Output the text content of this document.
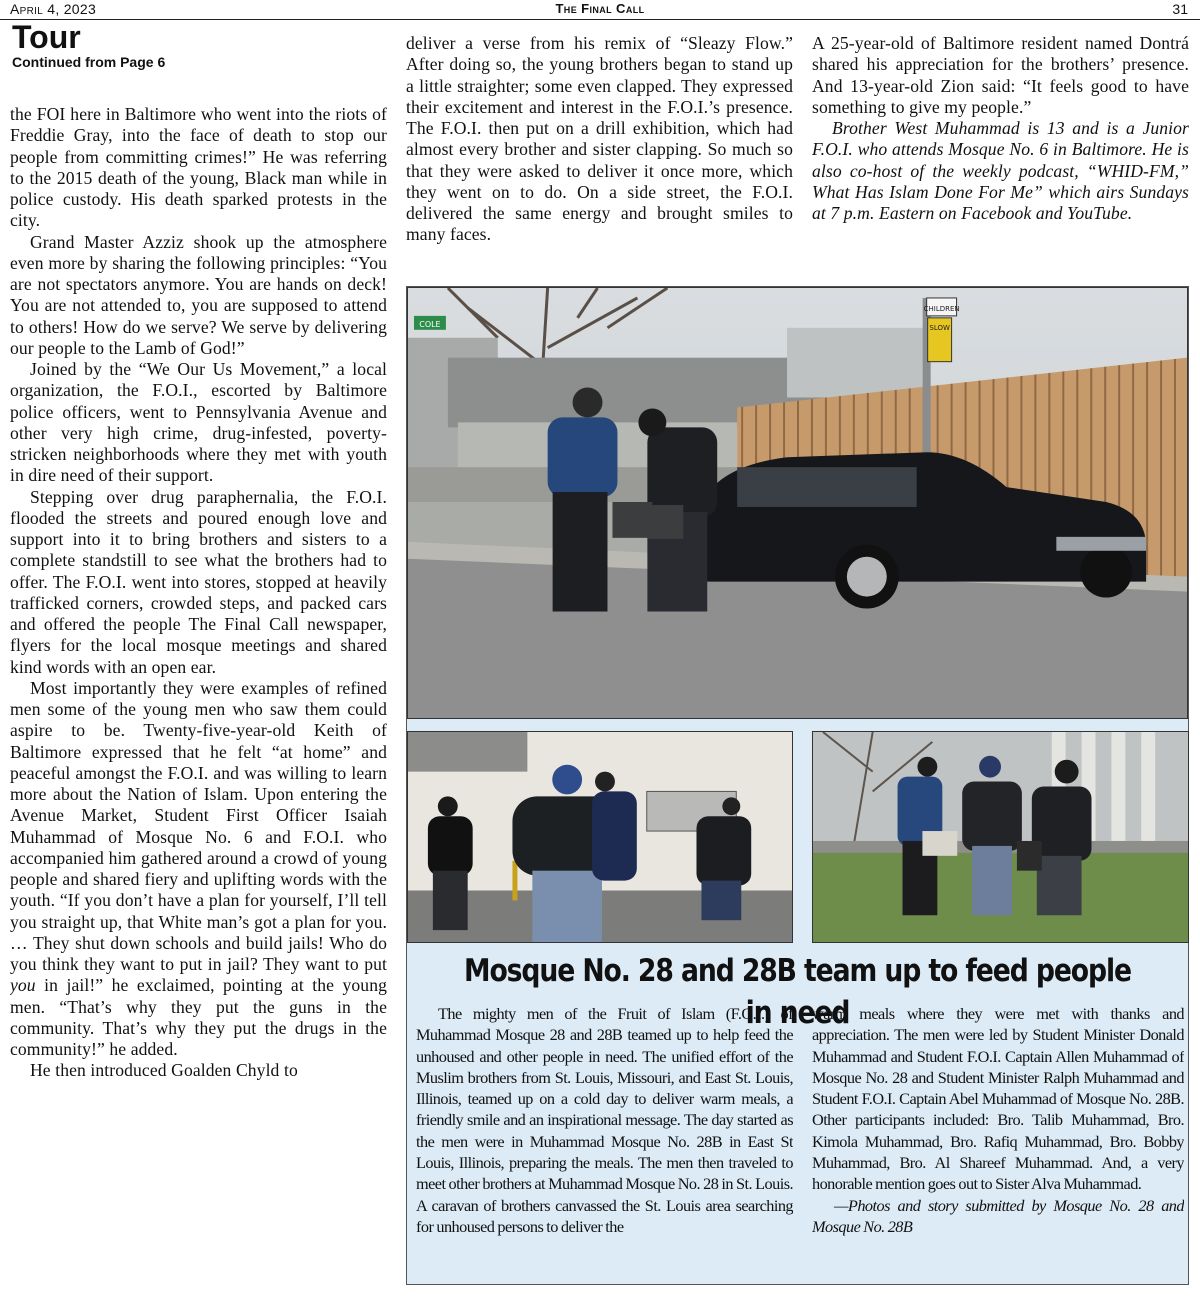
April 4, 2023	The Final Call	31
Tour
Continued from Page 6

the FOI here in Baltimore who went into the riots of Freddie Gray, into the face of death to stop our people from committing crimes!” He was referring to the 2015 death of the young, Black man while in police custody. His death sparked protests in the city.

Grand Master Azziz shook up the atmosphere even more by sharing the following principles: “You are not spectators anymore. You are hands on deck! You are not attended to, you are supposed to attend to others! How do we serve? We serve by delivering our people to the Lamb of God!”

Joined by the “We Our Us Movement,” a local organization, the F.O.I., escorted by Baltimore police officers, went to Pennsylvania Avenue and other very high crime, drug-infested, poverty-stricken neighborhoods where they met with youth in dire need of their support.

Stepping over drug paraphernalia, the F.O.I. flooded the streets and poured enough love and support into it to bring brothers and sisters to a complete standstill to see what the brothers had to offer. The F.O.I. went into stores, stopped at heavily trafficked corners, crowded steps, and packed cars and offered the people The Final Call newspaper, flyers for the local mosque meetings and shared kind words with an open ear.

Most importantly they were examples of refined men some of the young men who saw them could aspire to be. Twenty-five-year-old Keith of Baltimore expressed that he felt “at home” and peaceful amongst the F.O.I. and was willing to learn more about the Nation of Islam. Upon entering the Avenue Market, Student First Officer Isaiah Muhammad of Mosque No. 6 and F.O.I. who accompanied him gathered around a crowd of young people and shared fiery and uplifting words with the youth. “If you don’t have a plan for yourself, I’ll tell you straight up, that White man’s got a plan for you. … They shut down schools and build jails! Who do you think they want to put in jail? They want to put you in jail!” he exclaimed, pointing at the young men. “That’s why they put the guns in the community. That’s why they put the drugs in the community!” he added.

He then introduced Goalden Chyld to

deliver a verse from his remix of “Sleazy Flow.” After doing so, the young brothers began to stand up a little straighter; some even clapped. They expressed their excitement and interest in the F.O.I.’s presence. The F.O.I. then put on a drill exhibition, which had almost every brother and sister clapping. So much so that they were asked to deliver it once more, which they went on to do. On a side street, the F.O.I. delivered the same energy and brought smiles to many faces.

A 25-year-old of Baltimore resident named Dontrá shared his appreciation for the brothers’ presence. And 13-year-old Zion said: “It feels good to have something to give my people.”

Brother West Muhammad is 13 and is a Junior F.O.I. who attends Mosque No. 6 in Baltimore. He is also co-host of the weekly podcast, “WHID-FM,” What Has Islam Done For Me” which airs Sundays at 7 p.m. Eastern on Facebook and YouTube.

CHILDREN
SLOW
COLE
Mosque No. 28 and 28B team up to feed people in need

The mighty men of the Fruit of Islam (F.O.I.) of Muhammad Mosque 28 and 28B teamed up to help feed the unhoused and other people in need. The unified effort of the Muslim brothers from St. Louis, Missouri, and East St. Louis, Illinois, teamed up on a cold day to deliver warm meals, a friendly smile and an inspirational message. The day started as the men were in Muhammad Mosque No. 28B in East St Louis, Illinois, preparing the meals. The men then traveled to meet other brothers at Muhammad Mosque No. 28 in St. Louis. A caravan of brothers canvassed the St. Louis area searching for unhoused persons to deliver the

warm meals where they were met with thanks and appreciation. The men were led by Student Minister Donald Muhammad and Student F.O.I. Captain Allen Muhammad of Mosque No. 28 and Student Minister Ralph Muhammad and Student F.O.I. Captain Abel Muhammad of Mosque No. 28B. Other participants included: Bro. Talib Muhammad, Bro. Kimola Muhammad, Bro. Rafiq Muhammad, Bro. Bobby Muhammad, Bro. Al Shareef Muhammad. And, a very honorable mention goes out to Sister Alva Muhammad.

—Photos and story submitted by Mosque No. 28 and Mosque No. 28B
